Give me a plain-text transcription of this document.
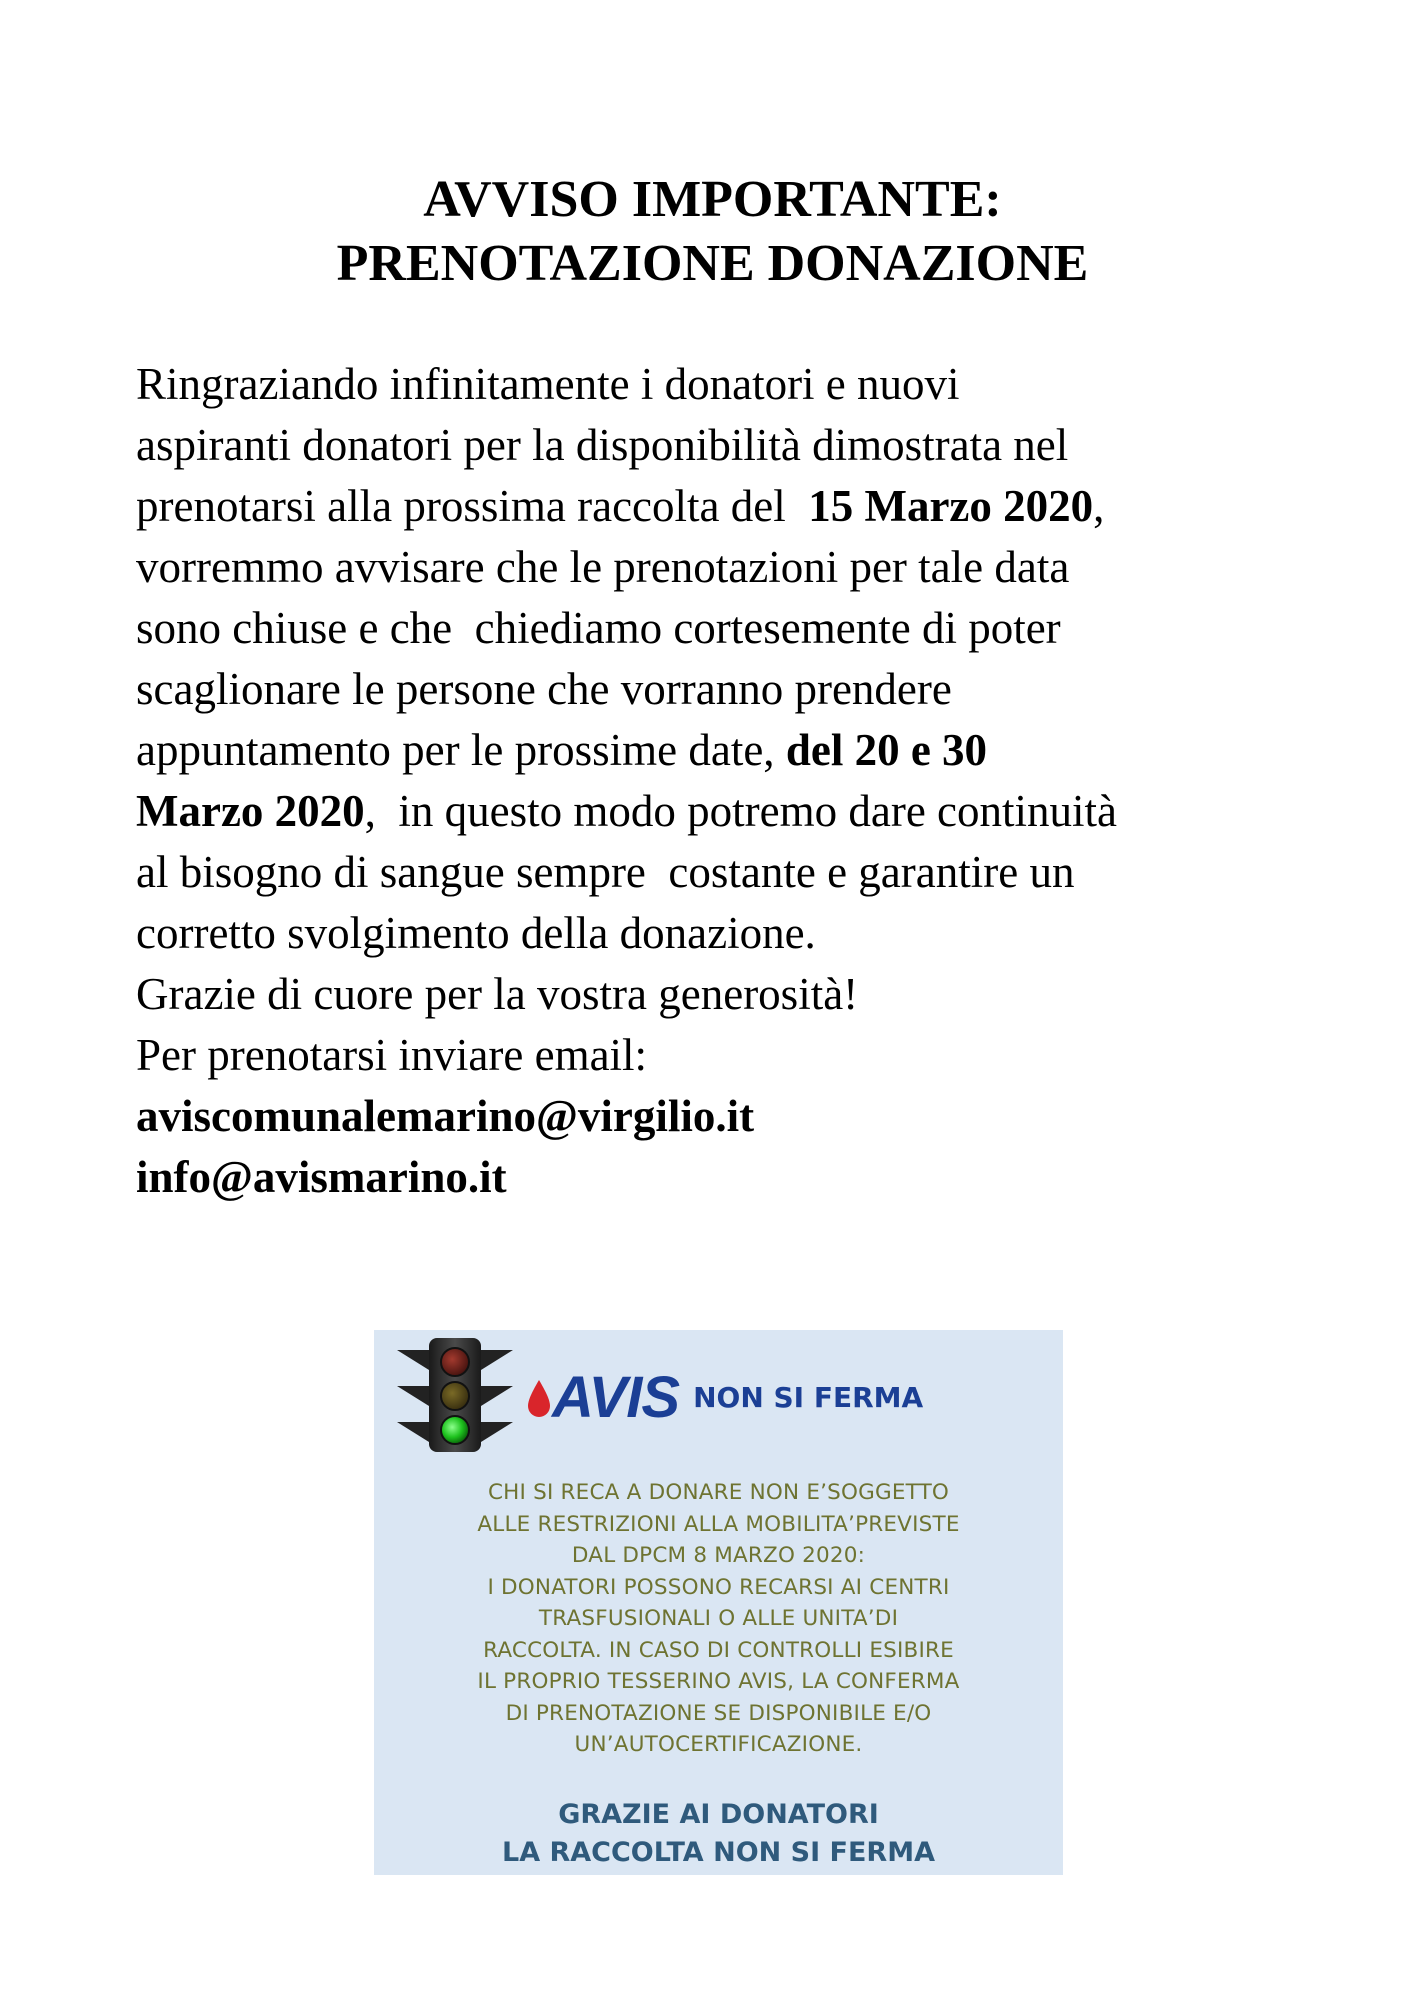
AVVISO IMPORTANTE:
PRENOTAZIONE DONAZIONE
Ringraziando infinitamente i donatori e nuovi
aspiranti donatori per la disponibilità dimostrata nel
prenotarsi alla prossima raccolta del  15 Marzo 2020,
vorremmo avvisare che le prenotazioni per tale data
sono chiuse e che  chiediamo cortesemente di poter
scaglionare le persone che vorranno prendere
appuntamento per le prossime date, del 20 e 30
Marzo 2020,  in questo modo potremo dare continuità
al bisogno di sangue sempre  costante e garantire un
corretto svolgimento della donazione.
Grazie di cuore per la vostra generosità!
Per prenotarsi inviare email:
aviscomunalemarino@virgilio.it
info@avismarino.it
AVIS NON SI FERMA
CHI SI RECA A DONARE NON E’SOGGETTO
ALLE RESTRIZIONI ALLA MOBILITA’PREVISTE
DAL DPCM 8 MARZO 2020:
I DONATORI POSSONO RECARSI AI CENTRI
TRASFUSIONALI O ALLE UNITA’DI
RACCOLTA. IN CASO DI CONTROLLI ESIBIRE
IL PROPRIO TESSERINO AVIS, LA CONFERMA
DI PRENOTAZIONE SE DISPONIBILE E/O
UN’AUTOCERTIFICAZIONE.
GRAZIE AI DONATORI
LA RACCOLTA NON SI FERMA
